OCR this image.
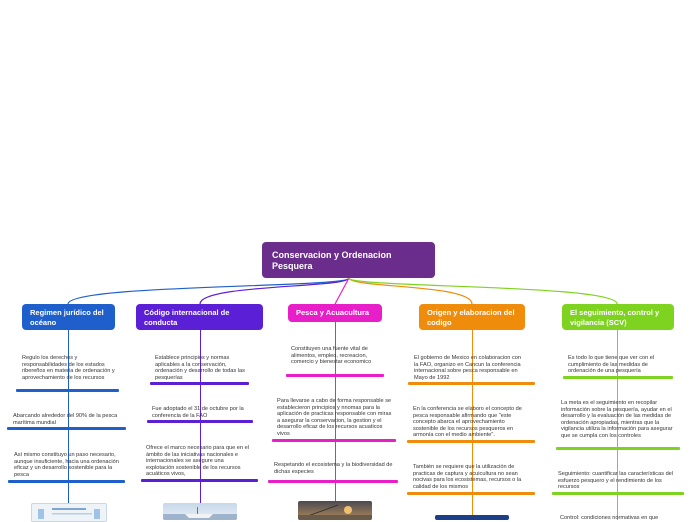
Conservacion y Ordenacion Pesquera
Regimen jurídico del océano
Regulo los derechos y responsabilidades de los estados ribereños en materia de ordenación y aprovechamiento de los recursos
Abarcando alrededor del 90% de la pesca marítima mundial
Así mismo constituyo un paso necesario, aunque insuficiente, hacia una ordenación eficaz y un desarrollo sostenible para la pesca
Código internacional de conducta
Establece principios y normas aplicables a la conservación, ordenación y desarrollo de todas las pesquerías
Fue adoptado el 31 de octubre por la conferencia de la FAO
Ofrece el marco necesario para que en el ámbito de las iniciativas nacionales e internacionales se asegure una explotación sostenible de los recursos acuáticos vivos,
Pesca y Acuacultura
Constituyen una fuente vital de alimentos, empleo, recreacion, comercio y bienestar economico
Para llevarse a cabo de forma responsable se establecieron principios y nnomas para la aplicación de practicas responsable con miras a asegurar la conservacion, la gestion y el desarrollo eficaz de los recursos acuaticos vivos
Respetando el ecosistema y la biodiversidad de dichas especies
Origen y elaboracion del codigo
El gobierno de Mexico en colaboracion con la FAO, organizo en Cancun la conferencia internacional sobre pesca responsable en Mayo de 1992
En la conferencia se elaboro el concepto de pesca responsable afirmando que "este concepto abarca el aprovechamiento sostenible de los recursos pesqueros en armonía con el medio ambiente".
También se requiere que la utilización de practicas de captura y acuicultura no sean nocivas para los ecosistemas, recursos o la calidad de los mismos
El seguimiento, control y vigilancia (SCV)
Es todo lo que tiene que ver con el cumplimiento de las medidas de ordenación de una pesquería
La meta es el seguimiento en recopilar información sobre la pesquería, ayudar en el desarrollo y la evaluación de las medidas de ordenación apropiadas, mientras que la vigilancia utiliza la información para asegurar que se cumpla con los controles
Seguimiento: cuantificar las características del esfuerzo pesquero y el rendimiento de los recursos
Control: condiciones normativas en que
